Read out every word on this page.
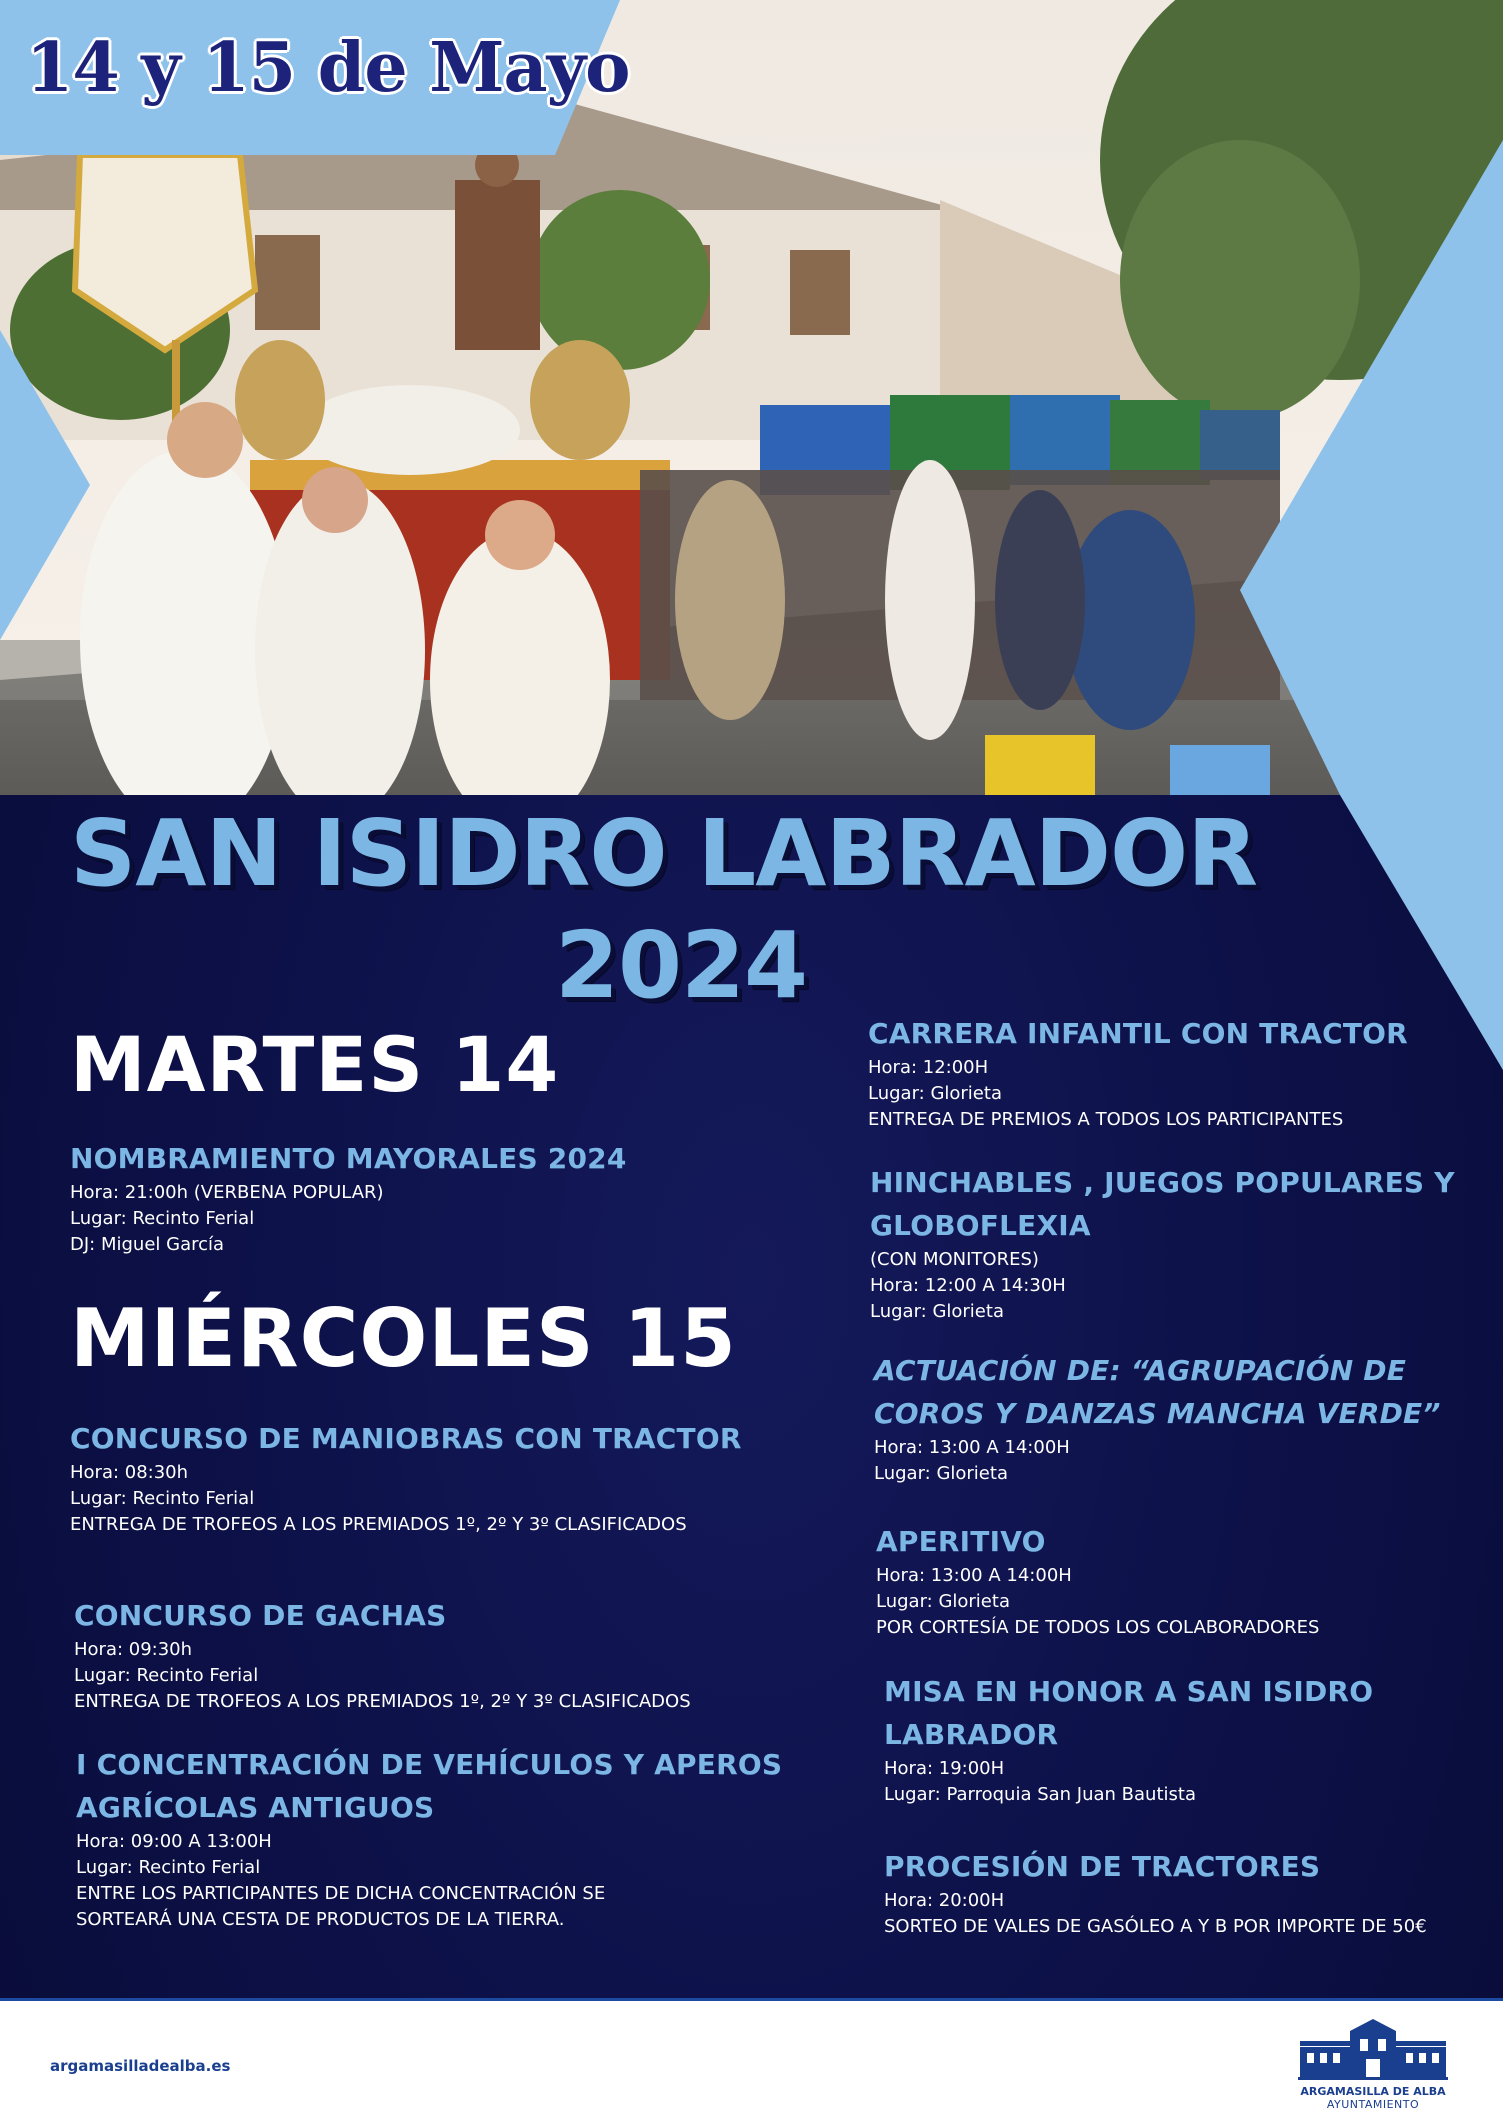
14 y 15 de Mayo
SAN ISIDRO LABRADOR
2024
MARTES 14
MIÉRCOLES 15
NOMBRAMIENTO MAYORALES 2024
Hora: 21:00h (VERBENA POPULAR)
Lugar: Recinto Ferial
DJ: Miguel García
CONCURSO DE MANIOBRAS CON TRACTOR
Hora: 08:30h
Lugar: Recinto Ferial
ENTREGA DE TROFEOS A LOS PREMIADOS 1º, 2º Y 3º CLASIFICADOS
CONCURSO DE GACHAS
Hora: 09:30h
Lugar: Recinto Ferial
ENTREGA DE TROFEOS A LOS PREMIADOS 1º, 2º Y 3º CLASIFICADOS
I CONCENTRACIÓN DE VEHÍCULOS Y APEROS
AGRÍCOLAS ANTIGUOS
Hora: 09:00 A 13:00H
Lugar: Recinto Ferial
ENTRE LOS PARTICIPANTES DE DICHA CONCENTRACIÓN SE
SORTEARÁ UNA CESTA DE PRODUCTOS DE LA TIERRA.
CARRERA INFANTIL CON TRACTOR
Hora: 12:00H
Lugar: Glorieta
ENTREGA DE PREMIOS A TODOS LOS PARTICIPANTES
HINCHABLES , JUEGOS POPULARES Y
GLOBOFLEXIA
(CON MONITORES)
Hora: 12:00 A 14:30H
Lugar: Glorieta
ACTUACIÓN DE: “AGRUPACIÓN DE
COROS Y DANZAS MANCHA VERDE”
Hora: 13:00 A 14:00H
Lugar: Glorieta
APERITIVO
Hora: 13:00 A 14:00H
Lugar: Glorieta
POR CORTESÍA DE TODOS LOS COLABORADORES
MISA EN HONOR A SAN ISIDRO
LABRADOR
Hora: 19:00H
Lugar: Parroquia San Juan Bautista
PROCESIÓN DE TRACTORES
Hora: 20:00H
SORTEO DE VALES DE GASÓLEO A Y B POR IMPORTE DE 50€
argamasilladealba.es
ARGAMASILLA DE ALBA
AYUNTAMIENTO
